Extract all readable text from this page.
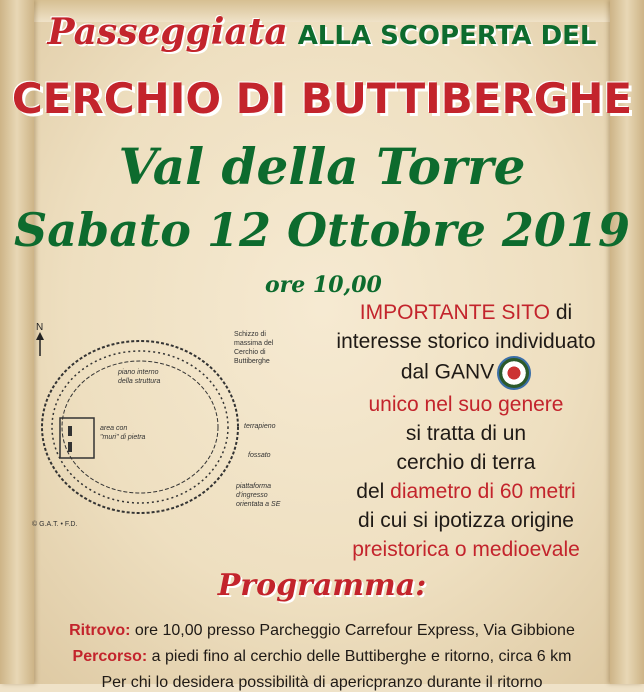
Passeggiata ALLA SCOPERTA DEL
CERCHIO DI BUTTIBERGHE
Val della Torre
Sabato 12 Ottobre 2019
ore 10,00
N
Schizzo di
massima del
Cerchio di
Buttiberghe
piano interno
della struttura
area con
"muri" di pietra
terrapieno
fossato
piattaforma
d'ingresso
orientata a SE
© G.A.T. • F.D.
IMPORTANTE SITO di
interesse storico individuato
dal GANV
unico nel suo genere
si tratta di un
cerchio di terra
del diametro di 60 metri
di cui si ipotizza origine
preistorica o medioevale
Programma:
Ritrovo: ore 10,00 presso Parcheggio Carrefour Express, Via Gibbione
Percorso: a piedi fino al cerchio delle Buttiberghe e ritorno, circa 6 km
Per chi lo desidera possibilità di apericpranzo durante il ritorno
